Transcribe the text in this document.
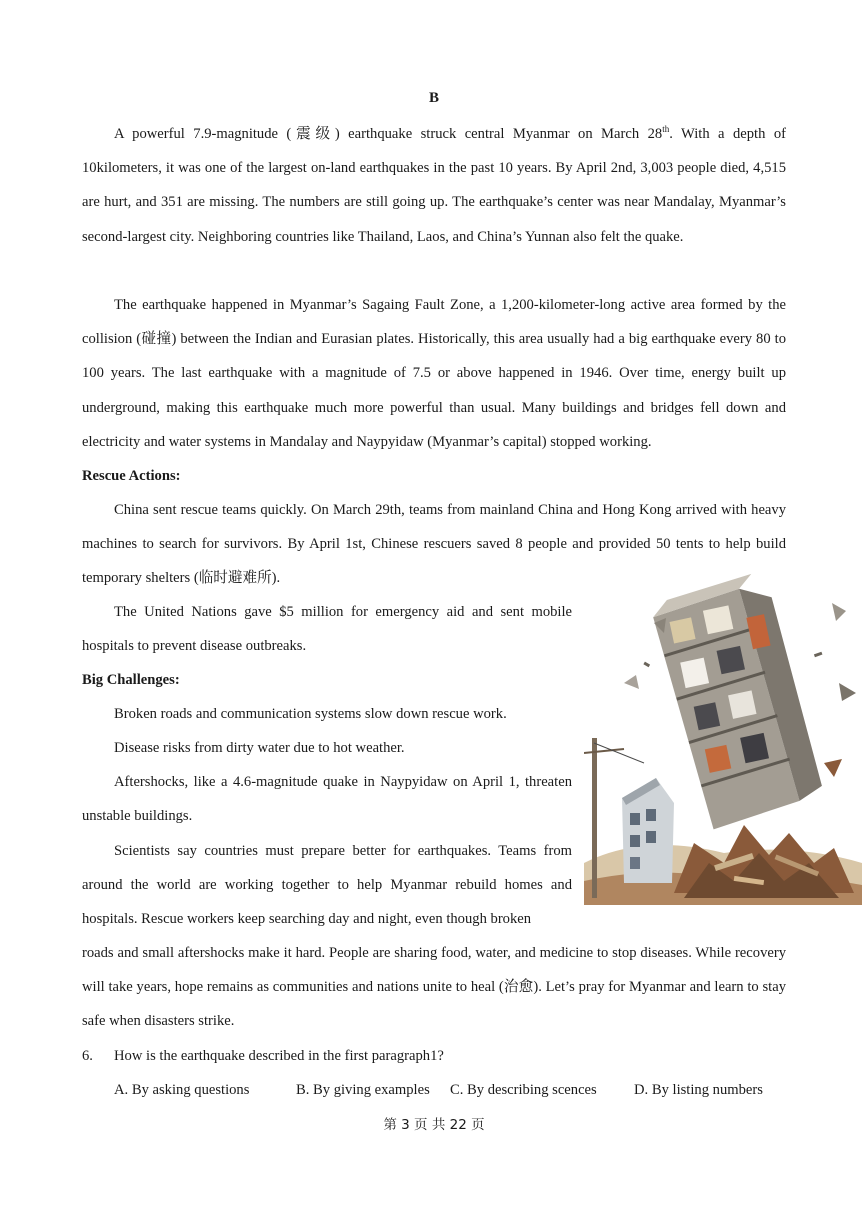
B

A powerful 7.9-magnitude (震级) earthquake struck central Myanmar on March 28th. With a depth of 10kilometers, it was one of the largest on-land earthquakes in the past 10 years. By April 2nd, 3,003 people died, 4,515 are hurt, and 351 are missing. The numbers are still going up. The earthquake’s center was near Mandalay, Myanmar’s second-largest city. Neighboring countries like Thailand, Laos, and China’s Yunnan also felt the quake.

The earthquake happened in Myanmar’s Sagaing Fault Zone, a 1,200-kilometer-long active area formed by the collision (碰撞) between the Indian and Eurasian plates. Historically, this area usually had a big earthquake every 80 to 100 years. The last earthquake with a magnitude of 7.5 or above happened in 1946. Over time, energy built up underground, making this earthquake much more powerful than usual. Many buildings and bridges fell down and electricity and water systems in Mandalay and Naypyidaw (Myanmar’s capital) stopped working.

Rescue Actions:

China sent rescue teams quickly. On March 29th, teams from mainland China and Hong Kong arrived with heavy machines to search for survivors. By April 1st, Chinese rescuers saved 8 people and provided 50 tents to help build temporary shelters (临时避难所).

The United Nations gave $5 million for emergency aid and sent mobile hospitals to prevent disease outbreaks.

Big Challenges:

Broken roads and communication systems slow down rescue work.

Disease risks from dirty water due to hot weather.

Aftershocks, like a 4.6-magnitude quake in Naypyidaw on April 1, threaten unstable buildings.

Scientists say countries must prepare better for earthquakes. Teams from around the world are working together to help Myanmar rebuild homes and hospitals. Rescue workers keep searching day and night, even though broken

roads and small aftershocks make it hard. People are sharing food, water, and medicine to stop diseases. While recovery will take years, hope remains as communities and nations unite to heal (治愈). Let’s pray for Myanmar and learn to stay safe when disasters strike.

6. How is the earthquake described in the first paragraph1?

A. By asking questions	B. By giving examples C. By describing scences	D. By listing numbers
第 3 页 共 22 页
